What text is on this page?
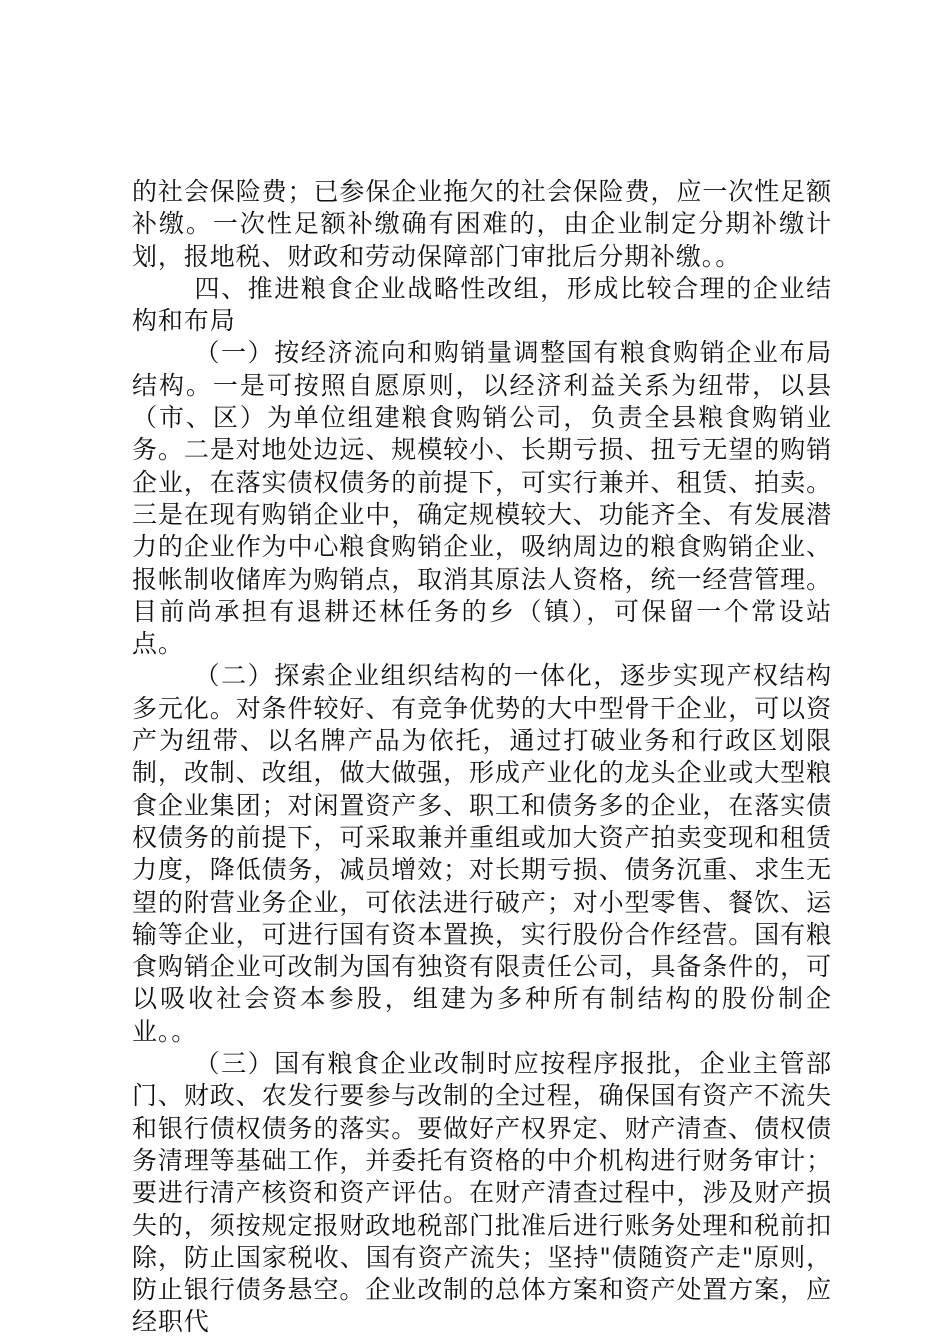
的社会保险费；已参保企业拖欠的社会保险费，应一次性足额补缴。一次性足额补缴确有困难的，由企业制定分期补缴计划，报地税、财政和劳动保障部门审批后分期补缴。。

四、推进粮食企业战略性改组，形成比较合理的企业结构和布局

（一）按经济流向和购销量调整国有粮食购销企业布局结构。一是可按照自愿原则，以经济利益关系为纽带，以县（市、区）为单位组建粮食购销公司，负责全县粮食购销业务。二是对地处边远、规模较小、长期亏损、扭亏无望的购销企业，在落实债权债务的前提下，可实行兼并、租赁、拍卖。三是在现有购销企业中，确定规模较大、功能齐全、有发展潜力的企业作为中心粮食购销企业，吸纳周边的粮食购销企业、报帐制收储库为购销点，取消其原法人资格，统一经营管理。目前尚承担有退耕还林任务的乡（镇），可保留一个常设站点。

（二）探索企业组织结构的一体化，逐步实现产权结构多元化。对条件较好、有竞争优势的大中型骨干企业，可以资产为纽带、以名牌产品为依托，通过打破业务和行政区划限制，改制、改组，做大做强，形成产业化的龙头企业或大型粮食企业集团；对闲置资产多、职工和债务多的企业，在落实债权债务的前提下，可采取兼并重组或加大资产拍卖变现和租赁力度，降低债务，减员增效；对长期亏损、债务沉重、求生无望的附营业务企业，可依法进行破产；对小型零售、餐饮、运输等企业，可进行国有资本置换，实行股份合作经营。国有粮食购销企业可改制为国有独资有限责任公司，具备条件的，可以吸收社会资本参股，组建为多种所有制结构的股份制企业。。

（三）国有粮食企业改制时应按程序报批，企业主管部门、财政、农发行要参与改制的全过程，确保国有资产不流失和银行债权债务的落实。要做好产权界定、财产清查、债权债务清理等基础工作，并委托有资格的中介机构进行财务审计；要进行清产核资和资产评估。在财产清查过程中，涉及财产损失的，须按规定报财政地税部门批准后进行账务处理和税前扣除，防止国家税收、国有资产流失；坚持"债随资产走"原则，防止银行债务悬空。企业改制的总体方案和资产处置方案，应经职代
